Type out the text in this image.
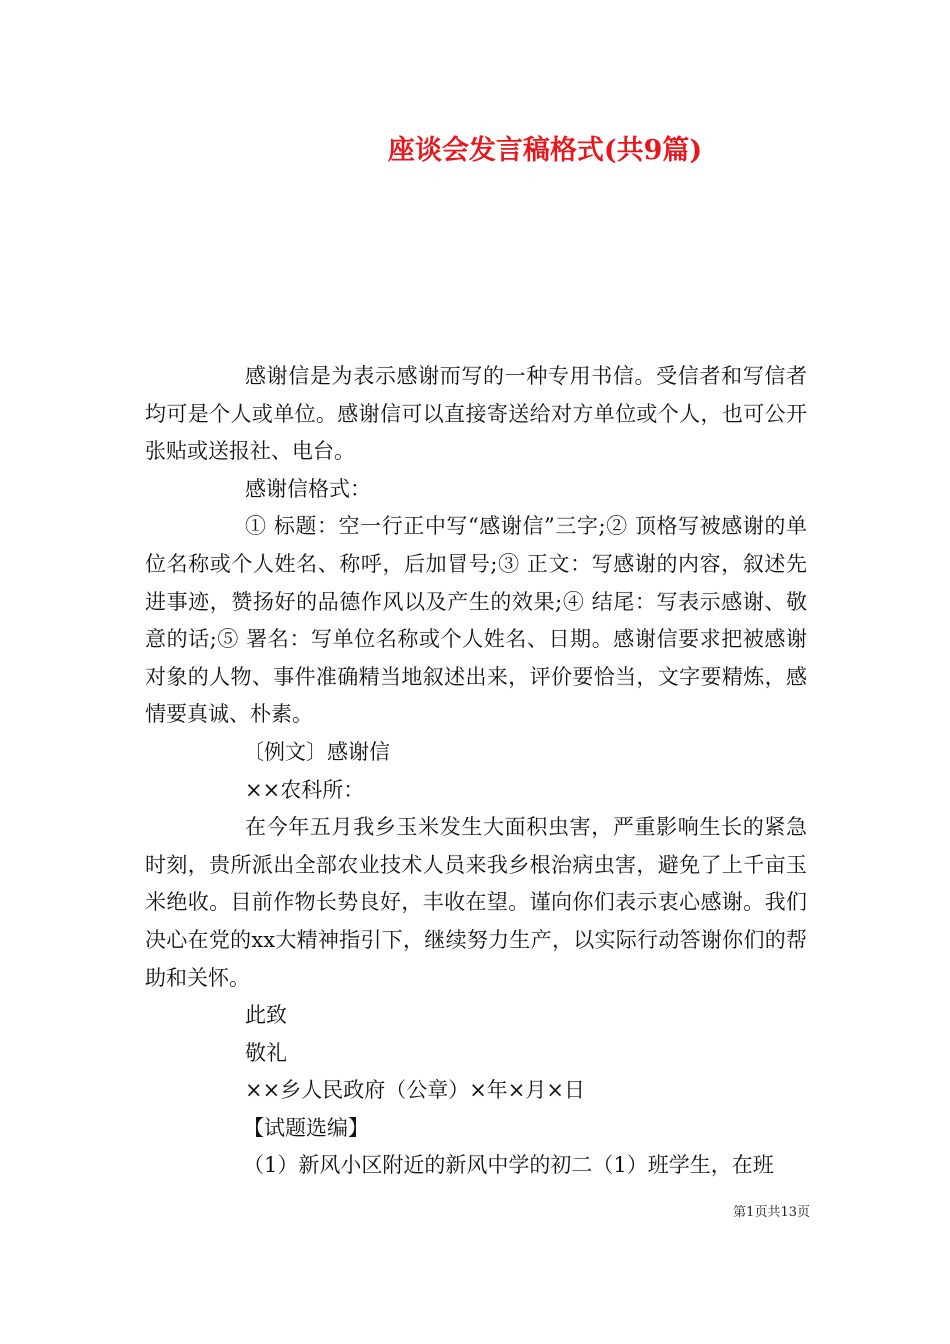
座谈会发言稿格式(共9篇)

感谢信是为表示感谢而写的一种专用书信。受信者和写信者均可是个人或单位。感谢信可以直接寄送给对方单位或个人，也可公开张贴或送报社、电台。

感谢信格式：

① 标题：空一行正中写“感谢信”三字;② 顶格写被感谢的单位名称或个人姓名、称呼，后加冒号;③ 正文：写感谢的内容，叙述先进事迹，赞扬好的品德作风以及产生的效果;④ 结尾：写表示感谢、敬意的话;⑤ 署名：写单位名称或个人姓名、日期。感谢信要求把被感谢对象的人物、事件准确精当地叙述出来，评价要恰当，文字要精炼，感情要真诚、朴素。

〔例文〕感谢信

××农科所：

在今年五月我乡玉米发生大面积虫害，严重影响生长的紧急时刻，贵所派出全部农业技术人员来我乡根治病虫害，避免了上千亩玉米绝收。目前作物长势良好，丰收在望。谨向你们表示衷心感谢。我们决心在党的xx大精神指引下，继续努力生产，以实际行动答谢你们的帮助和关怀。

此致

敬礼

××乡人民政府（公章）×年×月×日

【试题选编】

（1）新风小区附近的新风中学的初二（1）班学生，在班

第1页共13页
